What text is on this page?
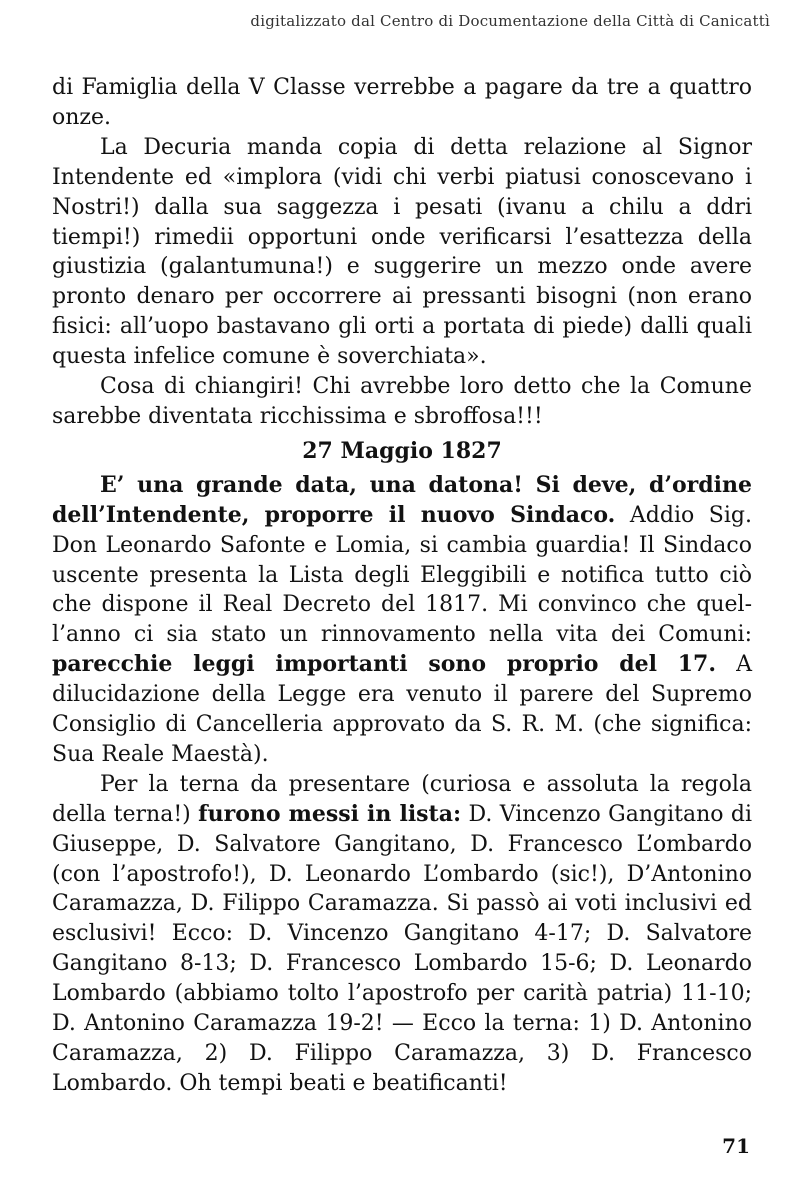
digitalizzato dal Centro di Documentazione della Città di Canicattì

di Famiglia della V Classe verrebbe a pagare da tre a quattro onze.

La Decuria manda copia di detta relazione al Signor Intendente ed «implora (vidi chi verbi piatusi conoscevano i Nostri!) dalla sua saggezza i pesati (ivanu a chilu a ddri tiempi!) rimedii opportuni onde verificarsi l’esattezza della giustizia (galantumuna!) e suggerire un mezzo onde avere pronto denaro per occorrere ai pressanti bisogni (non erano fisici: all’uopo bastavano gli orti a portata di piede) dalli quali questa infelice comune è soverchiata».

Cosa di chiangiri! Chi avrebbe loro detto che la Comune sarebbe diventata ricchissima e sbroffosa!!!

27 Maggio 1827

E’ una grande data, una datona! Si deve, d’ordine dell’Intendente, proporre il nuovo Sindaco. Addio Sig. Don Leonardo Safonte e Lomia, si cambia guardia! Il Sindaco uscente presenta la Lista degli Eleggibili e notifica tutto ciò che dispone il Real Decreto del 1817. Mi convinco che quell’anno ci sia stato un rinnovamento nella vita dei Comuni: parecchie leggi importanti sono proprio del 17. A dilucidazione della Legge era venuto il parere del Supremo Consiglio di Cancelleria approvato da S. R. M. (che significa: Sua Reale Maestà).

Per la terna da presentare (curiosa e assoluta la regola della terna!) furono messi in lista: D. Vincenzo Gangitano di Giuseppe, D. Salvatore Gangitano, D. Francesco L’ombardo (con l’apostrofo!), D. Leonardo L’ombardo (sic!), D’Antonino Caramazza, D. Filippo Caramazza. Si passò ai voti inclusivi ed esclusivi! Ecco: D. Vincenzo Gangitano 4-17; D. Salvatore Gangitano 8-13; D. Francesco Lombardo 15-6; D. Leonardo Lombardo (abbiamo tolto l’apostrofo per carità patria) 11-10; D. Antonino Caramazza 19-2! — Ecco la terna: 1) D. Antonino Caramazza, 2) D. Filippo Caramazza, 3) D. Francesco Lombardo. Oh tempi beati e beatificanti!

71
